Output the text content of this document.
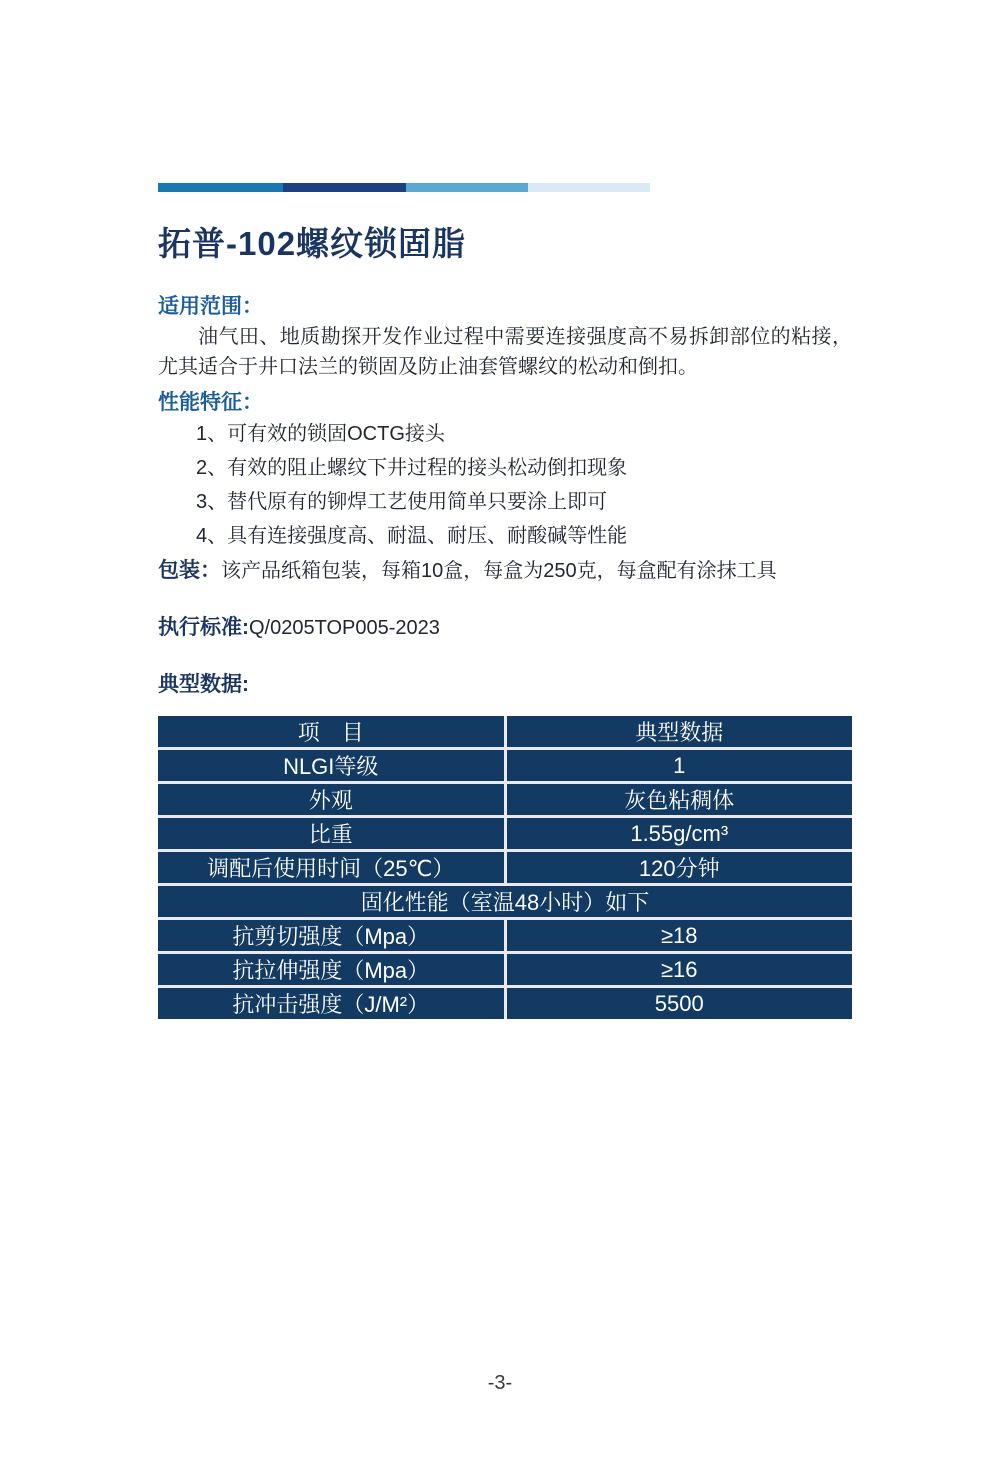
拓普-102螺纹锁固脂
适用范围：

油气田、地质勘探开发作业过程中需要连接强度高不易拆卸部位的粘接，尤其适合于井口法兰的锁固及防止油套管螺纹的松动和倒扣。

性能特征：
1、可有效的锁固OCTG接头
2、有效的阻止螺纹下井过程的接头松动倒扣现象
3、替代原有的铆焊工艺使用简单只要涂上即可
4、具有连接强度高、耐温、耐压、耐酸碱等性能

包装：该产品纸箱包装，每箱10盒，每盒为250克，每盒配有涂抹工具

执行标准:Q/0205TOP005-2023

典型数据:

项　目	典型数据
NLGI等级	1
外观	灰色粘稠体
比重	1.55g/cm³
调配后使用时间（25℃）	120分钟
固化性能（室温48小时）如下	
抗剪切强度（Mpa）	≥18
抗拉伸强度（Mpa）	≥16
抗冲击强度（J/M²）	5500
-3-
